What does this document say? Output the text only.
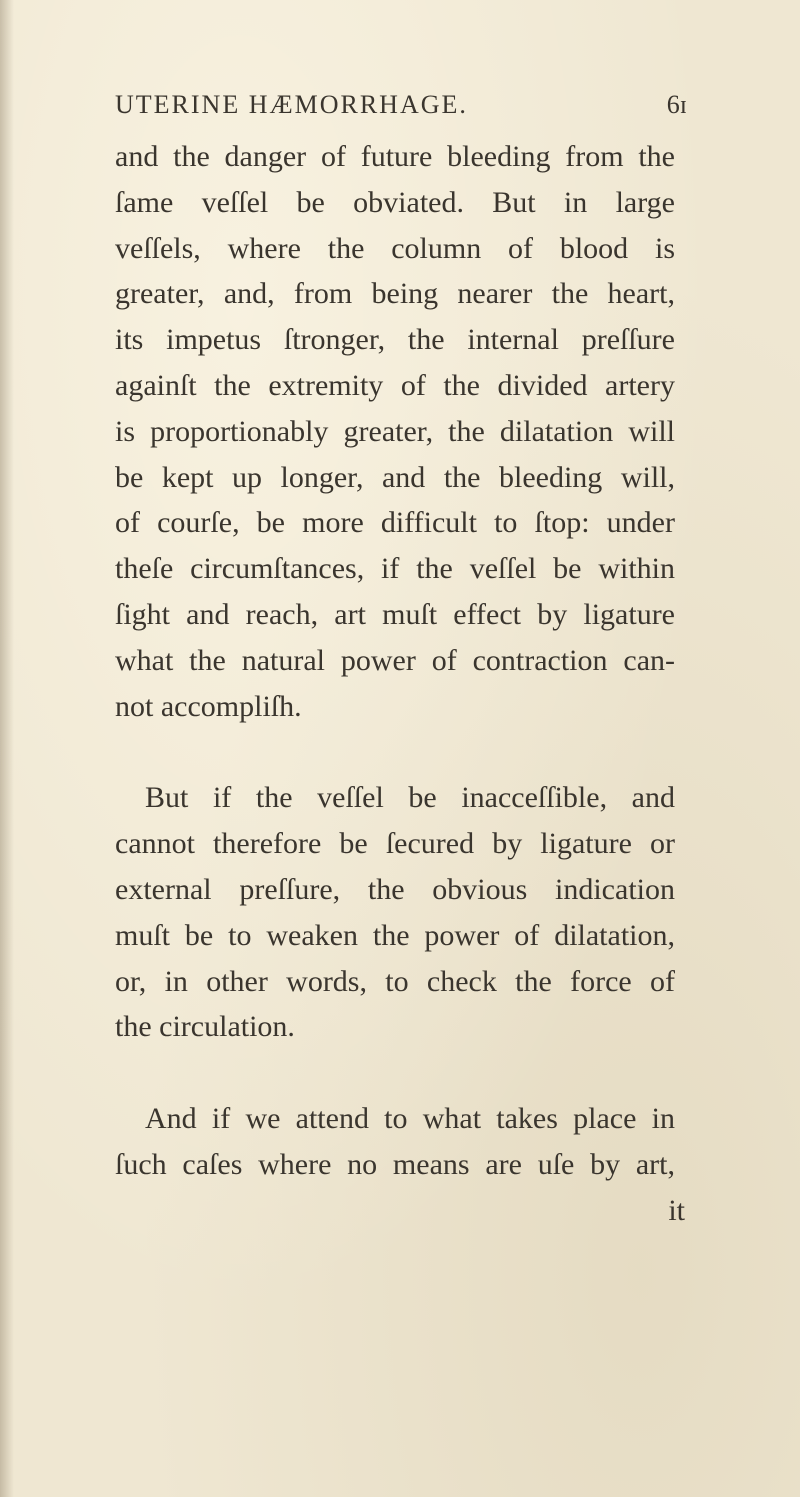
UTERINE HÆMORRHAGE.	6ɪ
and the danger of future bleeding from the
ſame veſſel be obviated. But in large
veſſels, where the column of blood is
greater, and, from being nearer the heart,
its impetus ſtronger, the internal preſſure
againſt the extremity of the divided artery
is proportionably greater, the dilatation will
be kept up longer, and the bleeding will,
of courſe, be more difficult to ſtop: under
theſe circumſtances, if the veſſel be within
ſight and reach, art muſt effect by ligature
what the natural power of contraction can-
not accompliſh.
But if the veſſel be inacceſſible, and
cannot therefore be ſecured by ligature or
external preſſure, the obvious indication
muſt be to weaken the power of dilatation,
or, in other words, to check the force of
the circulation.
And if we attend to what takes place in
ſuch caſes where no means are uſe by art,
it
